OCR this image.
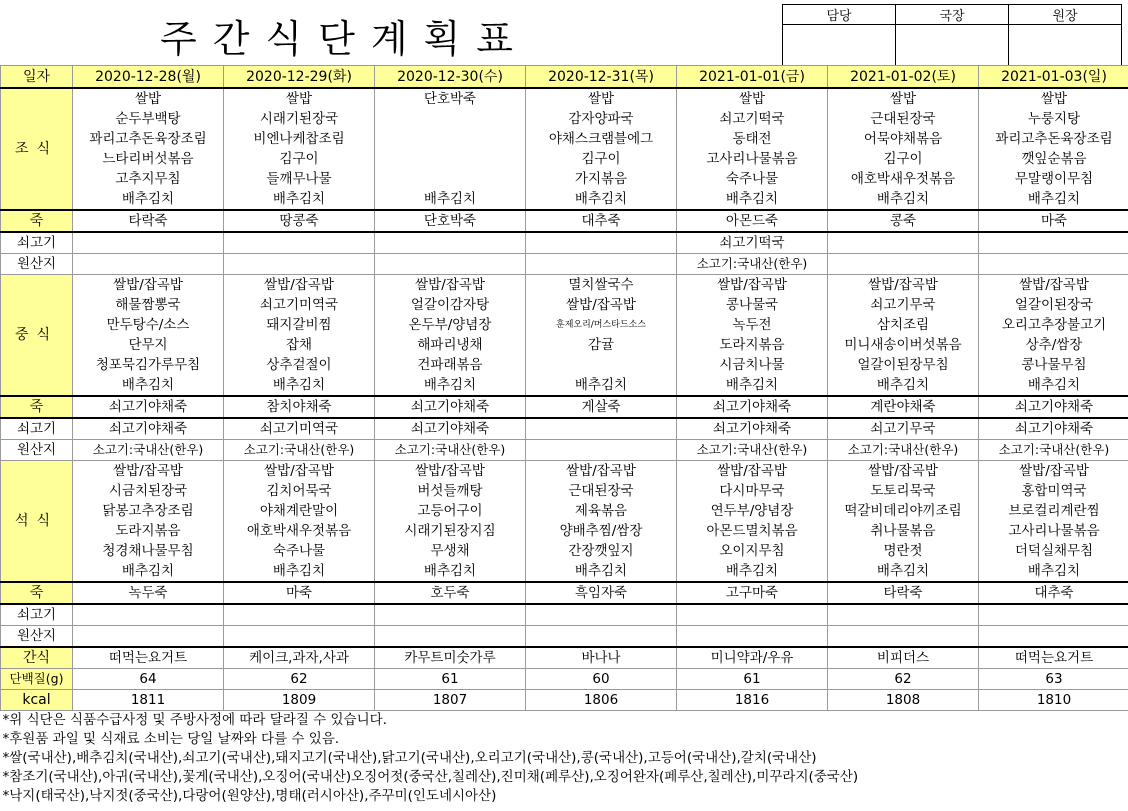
주간식단계획표
담당	국장	원장

일자	2020-12-28(월)	2020-12-29(화)	2020-12-30(수)	2020-12-31(목)	2021-01-01(금)	2021-01-02(토)	2021-01-03(일)
조식	쌀밥	쌀밥	단호박죽	쌀밥	쌀밥	쌀밥	쌀밥
	순두부백탕	시래기된장국		감자양파국	쇠고기떡국	근대된장국	누룽지탕
	꽈리고추돈육장조림	비엔나케찹조림		야채스크램블에그	동태전	어묵야채볶음	꽈리고추돈육장조림
	느타리버섯볶음	김구이		김구이	고사리나물볶음	김구이	깻잎순볶음
	고추지무침	들깨무나물		가지볶음	숙주나물	애호박새우젓볶음	무말랭이무침
	배추김치	배추김치	배추김치	배추김치	배추김치	배추김치	배추김치
죽	타락죽	땅콩죽	단호박죽	대추죽	아몬드죽	콩죽	마죽
쇠고기					쇠고기떡국		
원산지					소고기:국내산(한우)		
중식	쌀밥/잡곡밥	쌀밥/잡곡밥	쌀밥/잡곡밥	멸치쌀국수	쌀밥/잡곡밥	쌀밥/잡곡밥	쌀밥/잡곡밥
	해물짬뽕국	쇠고기미역국	얼갈이감자탕	쌀밥/잡곡밥	콩나물국	쇠고기무국	얼갈이된장국
	만두탕수/소스	돼지갈비찜	온두부/양념장	훈제오리/머스타드소스	녹두전	삼치조림	오리고추장불고기
	단무지	잡채	해파리냉채	감귤	도라지볶음	미니새송이버섯볶음	상추/쌈장
	청포묵김가루무침	상추겉절이	건파래볶음		시금치나물	얼갈이된장무침	콩나물무침
	배추김치	배추김치	배추김치	배추김치	배추김치	배추김치	배추김치
죽	쇠고기야채죽	참치야채죽	쇠고기야채죽	게살죽	쇠고기야채죽	계란야채죽	쇠고기야채죽
쇠고기	쇠고기야채죽	쇠고기미역국	쇠고기야채죽		쇠고기야채죽	쇠고기무국	쇠고기야채죽
원산지	소고기:국내산(한우)	소고기:국내산(한우)	소고기:국내산(한우)		소고기:국내산(한우)	소고기:국내산(한우)	소고기:국내산(한우)
석식	쌀밥/잡곡밥	쌀밥/잡곡밥	쌀밥/잡곡밥	쌀밥/잡곡밥	쌀밥/잡곡밥	쌀밥/잡곡밥	쌀밥/잡곡밥
	시금치된장국	김치어묵국	버섯들깨탕	근대된장국	다시마무국	도토리묵국	홍합미역국
	닭봉고추장조림	야채계란말이	고등어구이	제육볶음	연두부/양념장	떡갈비데리야끼조림	브로컬리계란찜
	도라지볶음	애호박새우젓볶음	시래기된장지짐	양배추찜/쌈장	아몬드멸치볶음	취나물볶음	고사리나물볶음
	청경채나물무침	숙주나물	무생채	간장깻잎지	오이지무침	명란젓	더덕실채무침
	배추김치	배추김치	배추김치	배추김치	배추김치	배추김치	배추김치
죽	녹두죽	마죽	호두죽	흑임자죽	고구마죽	타락죽	대추죽
쇠고기							
원산지							
간식	떠먹는요거트	케이크,과자,사과	카무트미숫가루	바나나	미니약과/우유	비피더스	떠먹는요거트
단백질(g)	64	62	61	60	61	62	63
kcal	1811	1809	1807	1806	1816	1808	1810
*위 식단은 식품수급사정 및 주방사정에 따라 달라질 수 있습니다.							
*후원품 과일 및 식재료 소비는 당일 날짜와 다를 수 있음.							
*쌀(국내산),배추김치(국내산),쇠고기(국내산),돼지고기(국내산),닭고기(국내산),오리고기(국내산),콩(국내산),고등어(국내산),갈치(국내산)							
*참조기(국내산),아귀(국내산),꽃게(국내산),오징어(국내산)오징어젓(중국산,칠레산),진미채(페루산),오징어완자(페루산,칠레산),미꾸라지(중국산)							
*낙지(태국산),낙지젓(중국산),다랑어(원양산),명태(러시아산),주꾸미(인도네시아산)							
